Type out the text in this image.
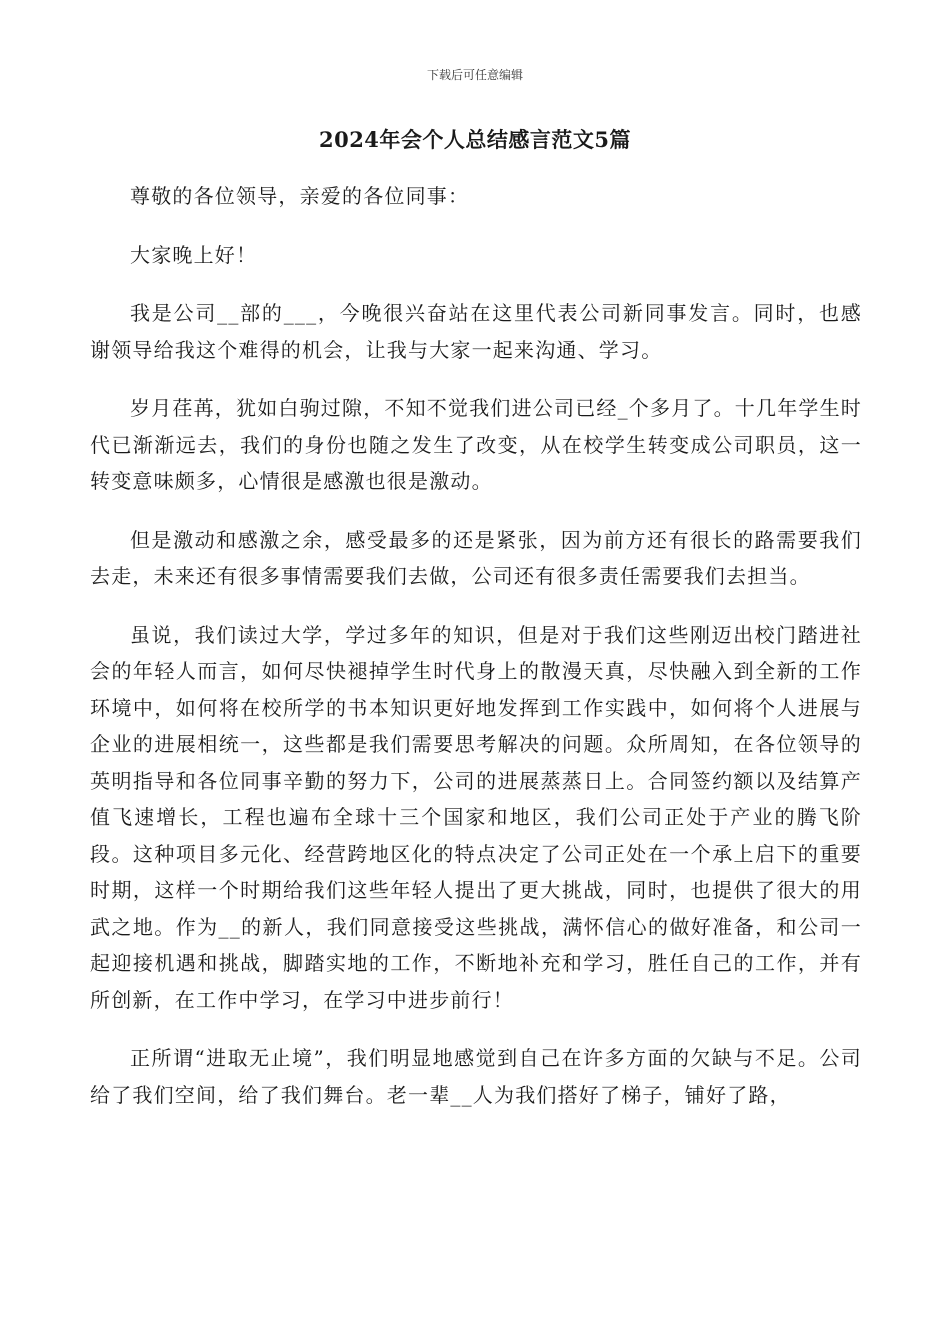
下载后可任意编辑
2024年会个人总结感言范文5篇

尊敬的各位领导，亲爱的各位同事：

大家晚上好！

我是公司__部的___，今晚很兴奋站在这里代表公司新同事发言。同时，也感谢领导给我这个难得的机会，让我与大家一起来沟通、学习。

岁月荏苒，犹如白驹过隙，不知不觉我们进公司已经_个多月了。十几年学生时代已渐渐远去，我们的身份也随之发生了改变，从在校学生转变成公司职员，这一转变意味颇多，心情很是感激也很是激动。

但是激动和感激之余，感受最多的还是紧张，因为前方还有很长的路需要我们去走，未来还有很多事情需要我们去做，公司还有很多责任需要我们去担当。

虽说，我们读过大学，学过多年的知识，但是对于我们这些刚迈出校门踏进社会的年轻人而言，如何尽快褪掉学生时代身上的散漫天真，尽快融入到全新的工作环境中，如何将在校所学的书本知识更好地发挥到工作实践中，如何将个人进展与企业的进展相统一，这些都是我们需要思考解决的问题。众所周知，在各位领导的英明指导和各位同事辛勤的努力下，公司的进展蒸蒸日上。合同签约额以及结算产值飞速增长，工程也遍布全球十三个国家和地区，我们公司正处于产业的腾飞阶段。这种项目多元化、经营跨地区化的特点决定了公司正处在一个承上启下的重要时期，这样一个时期给我们这些年轻人提出了更大挑战，同时，也提供了很大的用武之地。作为__的新人，我们同意接受这些挑战，满怀信心的做好准备，和公司一起迎接机遇和挑战，脚踏实地的工作，不断地补充和学习，胜任自己的工作，并有所创新，在工作中学习，在学习中进步前行！

正所谓“进取无止境”，我们明显地感觉到自己在许多方面的欠缺与不足。公司给了我们空间，给了我们舞台。老一辈__人为我们搭好了梯子，铺好了路，
